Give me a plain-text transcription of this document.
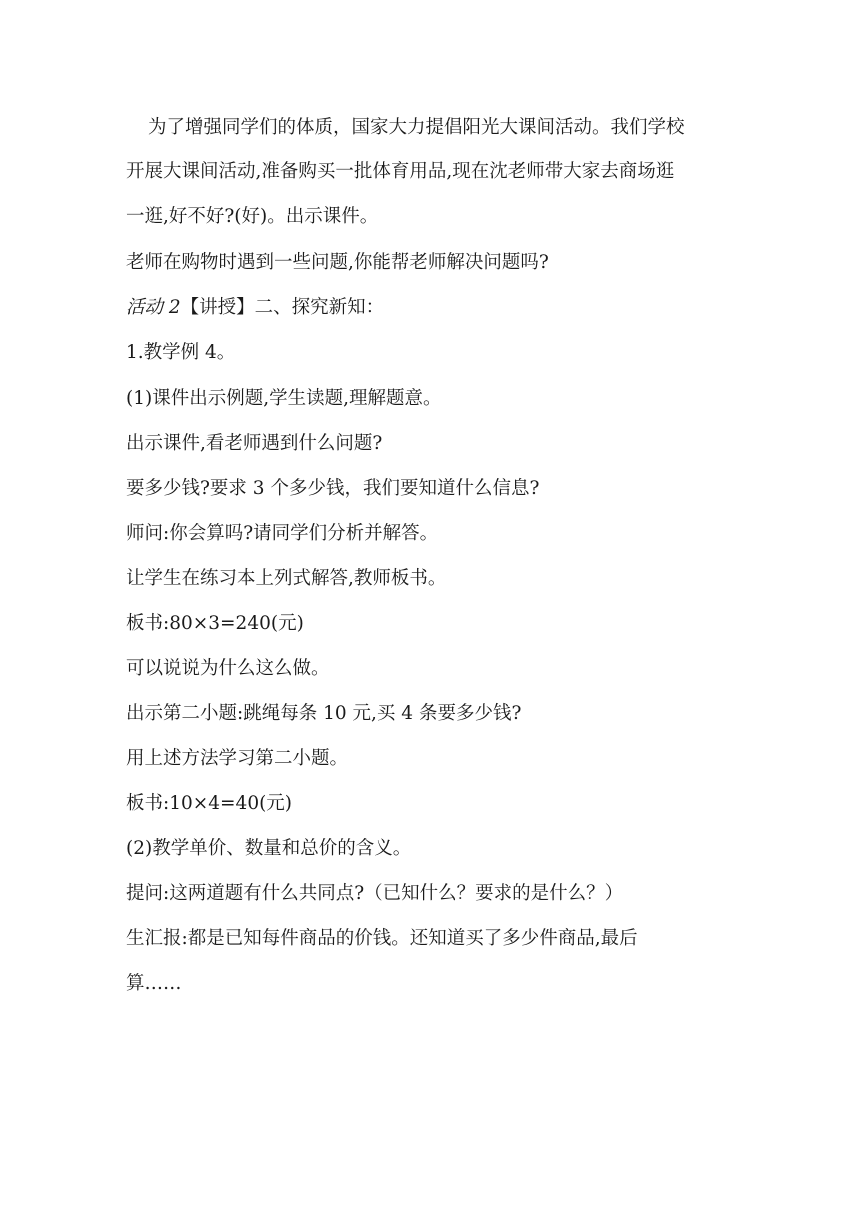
为了增强同学们的体质，国家大力提倡阳光大课间活动。我们学校
开展大课间活动,准备购买一批体育用品,现在沈老师带大家去商场逛
一逛,好不好?(好)。出示课件。
老师在购物时遇到一些问题,你能帮老师解决问题吗?
活动 2【讲授】二、探究新知：
1.教学例 4。
(1)课件出示例题,学生读题,理解题意。
出示课件,看老师遇到什么问题?
要多少钱?要求 3 个多少钱，我们要知道什么信息?
师问:你会算吗?请同学们分析并解答。
让学生在练习本上列式解答,教师板书。
板书:80×3=240(元)
可以说说为什么这么做。
出示第二小题:跳绳每条 10 元,买 4 条要多少钱?
用上述方法学习第二小题。
板书:10×4=40(元)
(2)教学单价、数量和总价的含义。
提问:这两道题有什么共同点?（已知什么？要求的是什么？）
生汇报:都是已知每件商品的价钱。还知道买了多少件商品,最后
算……
